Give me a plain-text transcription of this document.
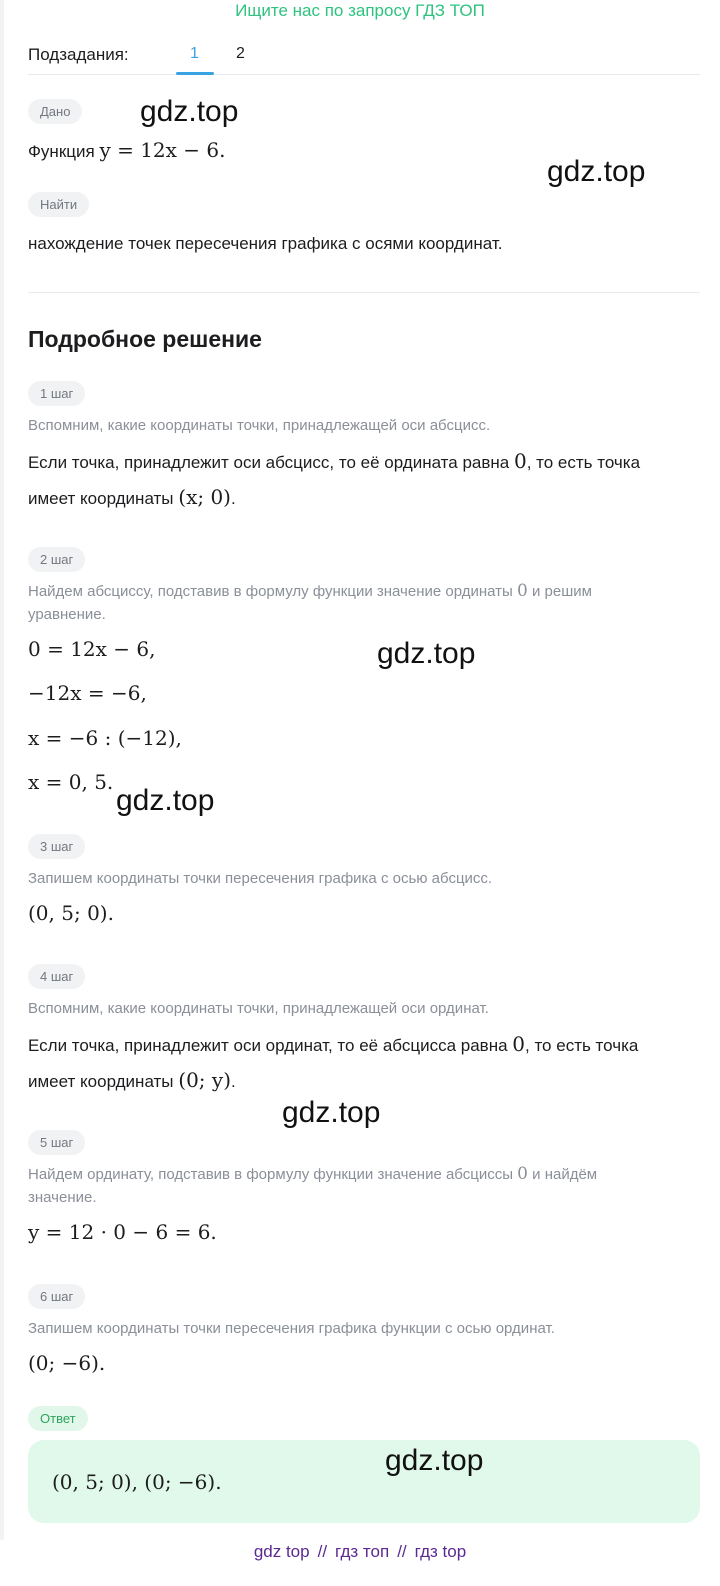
Ищите нас по запросу ГДЗ ТОП
Подзадания:	1 2
Дано
Функция y = 12x − 6.
Найти
нахождение точек пересечения графика с осями координат.
Подробное решение
1 шаг
Вспомним, какие координаты точки, принадлежащей оси абсцисс.
Если точка, принадлежит оси абсцисс, то её ордината равна 0, то есть точка
имеет координаты (x; 0).
2 шаг
Найдем абсциссу, подставив в формулу функции значение ординаты 0 и решим уравнение.
0 = 12x − 6,
−12x = −6,
x = −6 : (−12),
x = 0, 5.
3 шаг
Запишем координаты точки пересечения графика с осью абсцисс.
(0, 5; 0).
4 шаг
Вспомним, какие координаты точки, принадлежащей оси ординат.
Если точка, принадлежит оси ординат, то её абсцисса равна 0, то есть точка
имеет координаты (0; y).
5 шаг
Найдем ординату, подставив в формулу функции значение абсциссы 0 и найдём значение.
y = 12 · 0 − 6 = 6.
6 шаг
Запишем координаты точки пересечения графика функции с осью ординат.
(0; −6).
Ответ
(0, 5; 0), (0; −6).
gdz.top
gdz.top
gdz.top
gdz.top
gdz.top
gdz.top
gdz top // гдз топ // гдз top
